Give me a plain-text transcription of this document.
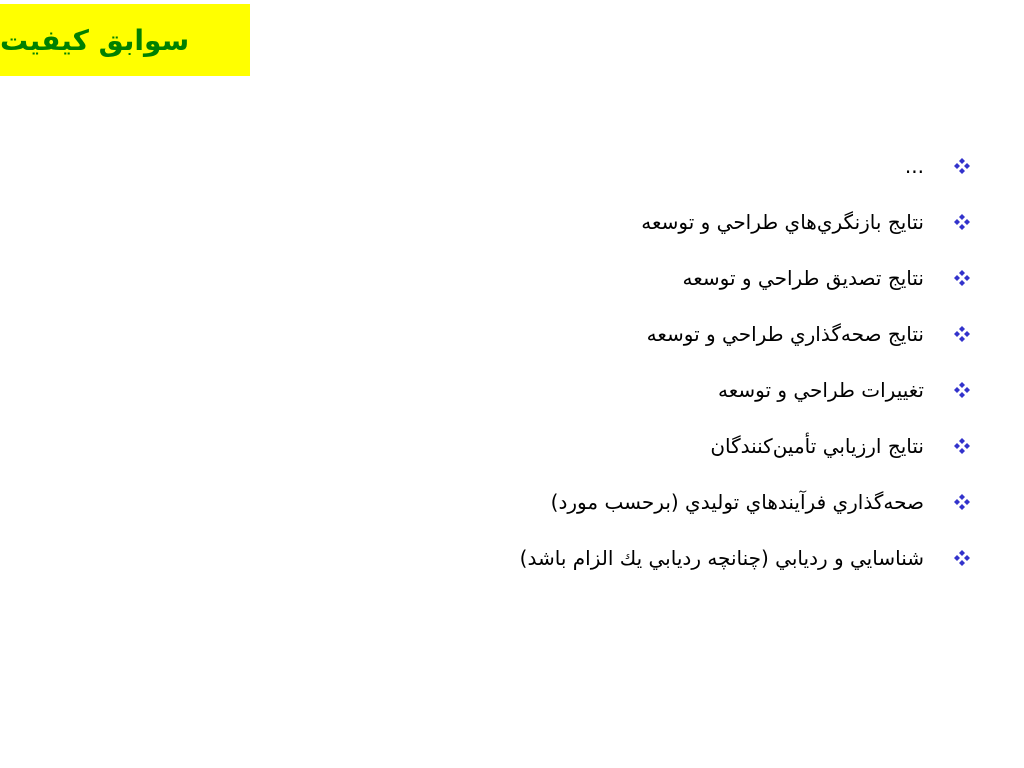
سوابق كيفيت
...
نتايج بازنگري‌هاي طراحي و توسعه
نتايج تصديق طراحي و توسعه
نتايج صحه‌گذاري طراحي و توسعه
تغييرات طراحي و توسعه
نتايج ارزيابي تأمين‌كنندگان
صحه‌گذاري فرآيندهاي توليدي (برحسب مورد)
شناسايي و ردیابي (چنانچه رديابي يك الزام باشد)
